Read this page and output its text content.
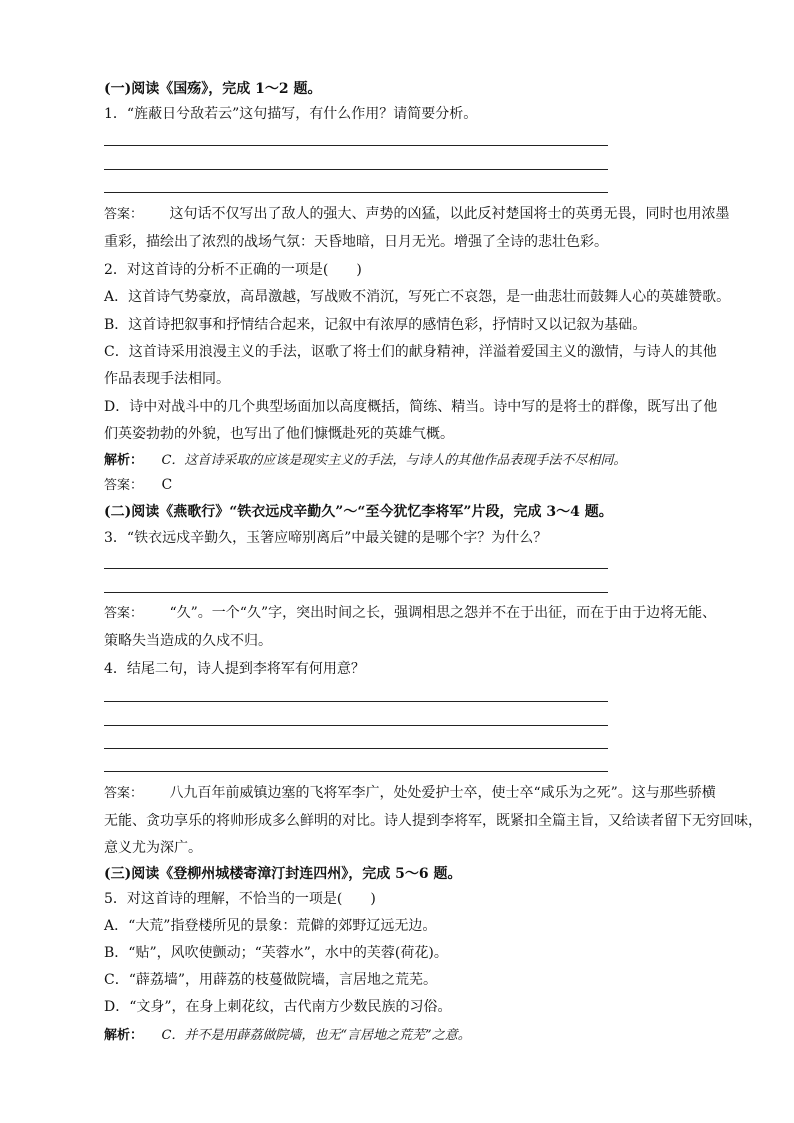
(一)阅读《国殇》，完成 1～2 题。
1．“旌蔽日兮敌若云”这句描写，有什么作用？请简要分析。
答案： 这句话不仅写出了敌人的强大、声势的凶猛，以此反衬楚国将士的英勇无畏，同时也用浓墨
重彩，描绘出了浓烈的战场气氛：天昏地暗，日月无光。增强了全诗的悲壮色彩。
2．对这首诗的分析不正确的一项是(　　)
A．这首诗气势豪放，高昂激越，写战败不消沉，写死亡不哀怨，是一曲悲壮而鼓舞人心的英雄赞歌。
B．这首诗把叙事和抒情结合起来，记叙中有浓厚的感情色彩，抒情时又以记叙为基础。
C．这首诗采用浪漫主义的手法，讴歌了将士们的献身精神，洋溢着爱国主义的激情，与诗人的其他
作品表现手法相同。
D．诗中对战斗中的几个典型场面加以高度概括，简练、精当。诗中写的是将士的群像，既写出了他
们英姿勃勃的外貌，也写出了他们慷慨赴死的英雄气概。
解析： C．这首诗采取的应该是现实主义的手法，与诗人的其他作品表现手法不尽相同。
答案： C
(二)阅读《燕歌行》“铁衣远戍辛勤久”～“至今犹忆李将军”片段，完成 3～4 题。
3．“铁衣远戍辛勤久，玉箸应啼别离后”中最关键的是哪个字？为什么？
答案： “久”。一个“久”字，突出时间之长，强调相思之怨并不在于出征，而在于由于边将无能、
策略失当造成的久戍不归。
4．结尾二句，诗人提到李将军有何用意？
答案： 八九百年前威镇边塞的飞将军李广，处处爱护士卒，使士卒“咸乐为之死”。这与那些骄横
无能、贪功享乐的将帅形成多么鲜明的对比。诗人提到李将军，既紧扣全篇主旨，又给读者留下无穷回味，
意义尤为深广。
(三)阅读《登柳州城楼寄漳汀封连四州》，完成 5～6 题。
5．对这首诗的理解，不恰当的一项是(　　)
A．“大荒”指登楼所见的景象：荒僻的郊野辽远无边。
B．“贴”，风吹使颤动；“芙蓉水”，水中的芙蓉(荷花)。
C．“薜荔墙”，用薜荔的枝蔓做院墙，言居地之荒芜。
D．“文身”，在身上刺花纹，古代南方少数民族的习俗。
解析： C．并不是用薜荔做院墙，也无“言居地之荒芜”之意。
